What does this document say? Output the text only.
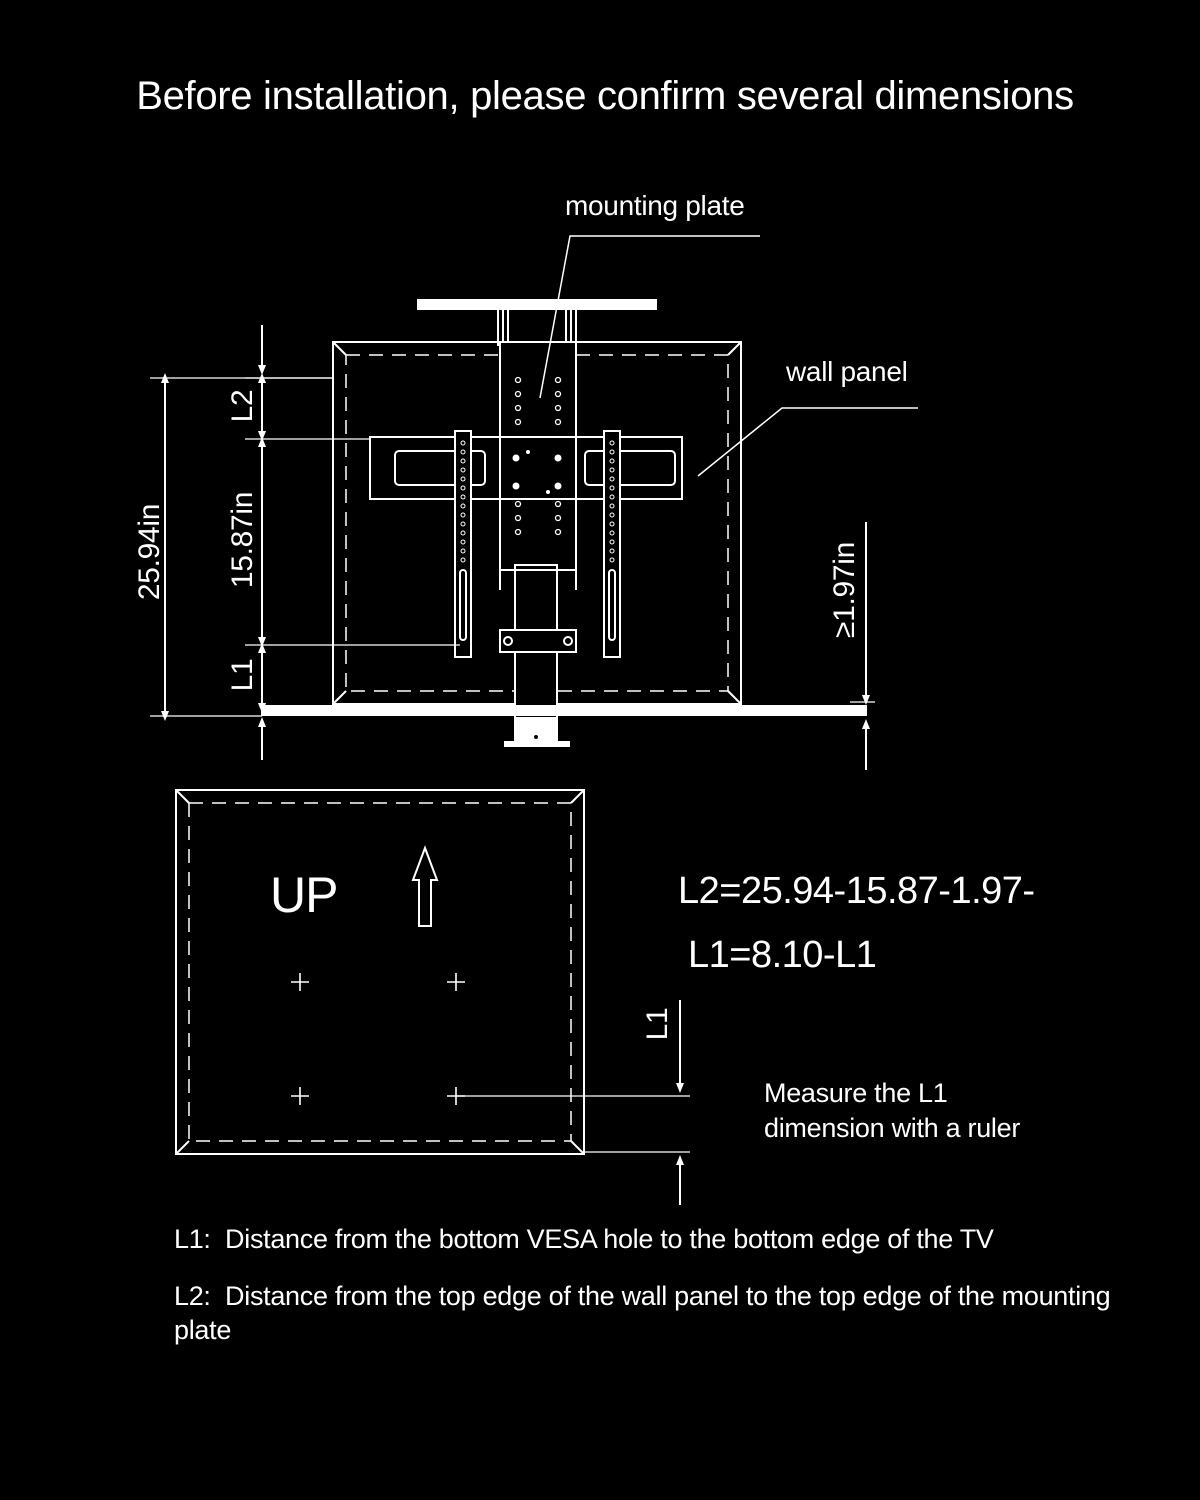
Before installation, please confirm several dimensions
mounting plate
wall panel
25.94in 15.87in
L2
L1
≥1.97in
UP
L1
L2=25.94-15.87-1.97-
L1=8.10-L1
Measure the L1
dimension with a ruler
L1: Distance from the bottom VESA hole to the bottom edge of the TV
L2: Distance from the top edge of the wall panel to the top edge of the mounting plate
